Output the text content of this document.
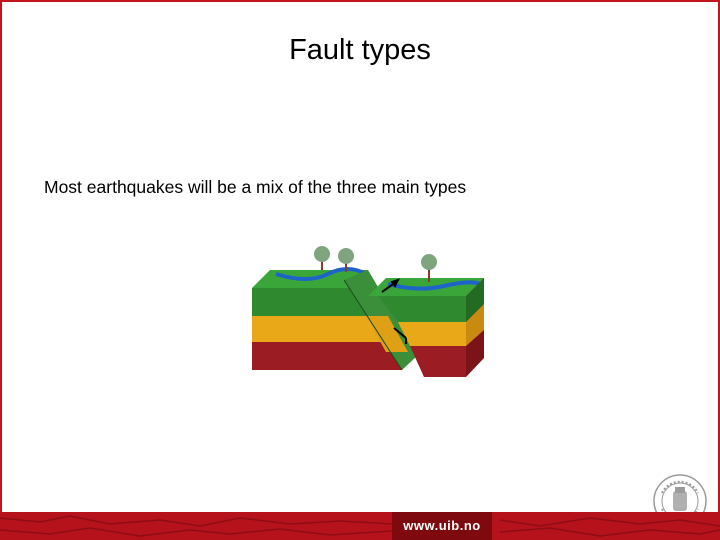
Fault types
Most earthquakes will be a mix of the three main types
www.uib.no
